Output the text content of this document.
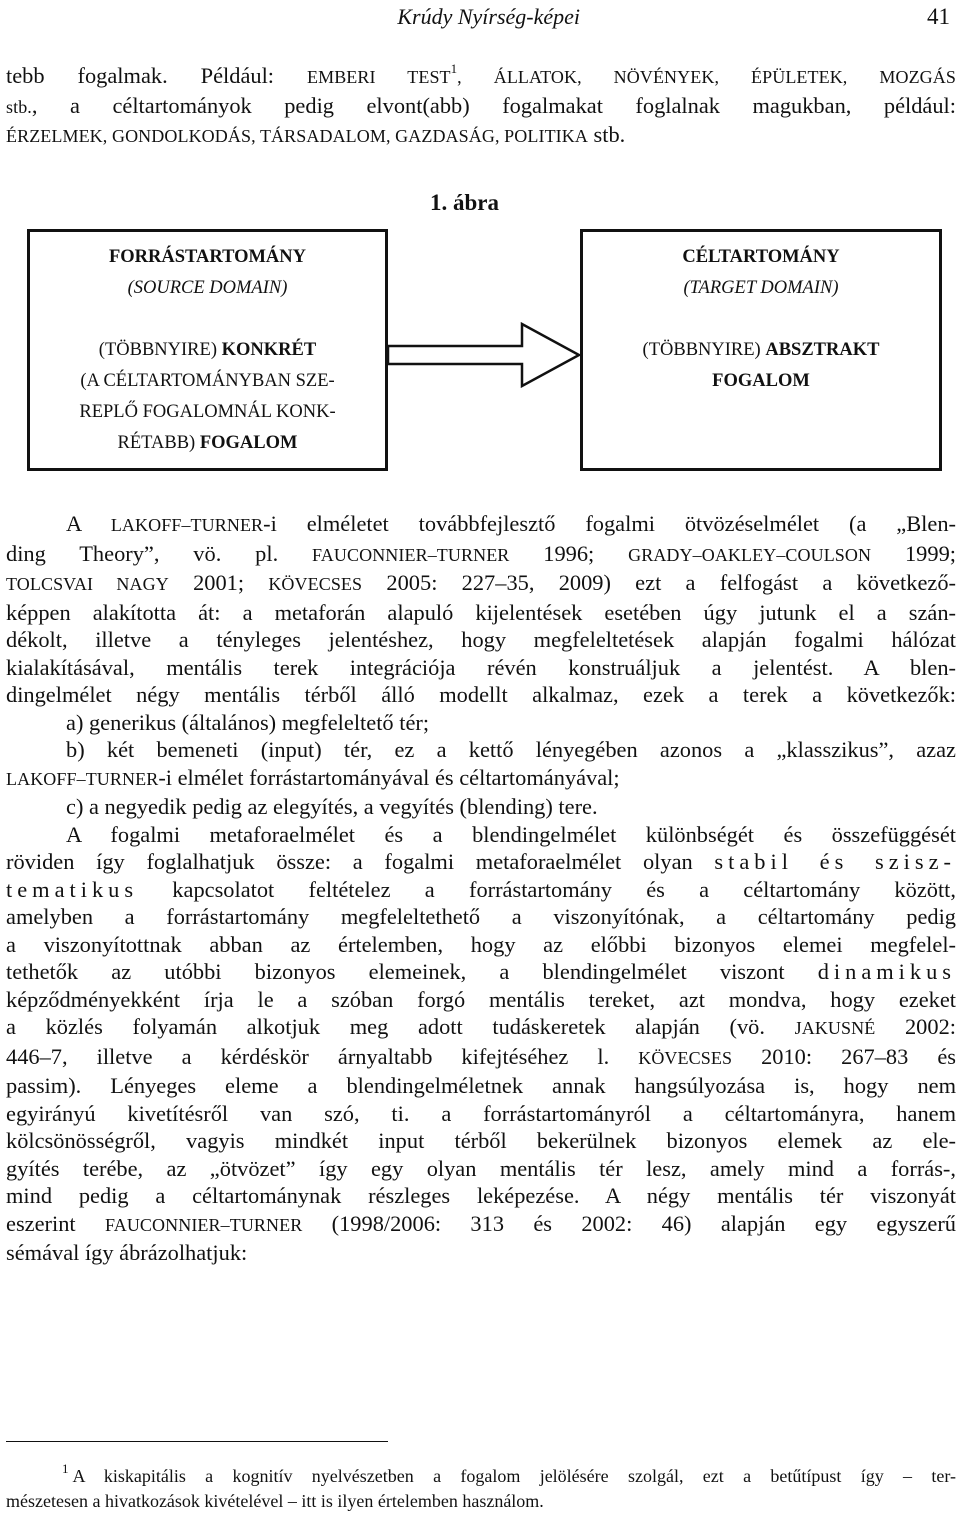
Krúdy Nyírség-képei	41

tebb fogalmak. Például: EMBERI TEST$^1$, ÁLLATOK, NÖVÉNYEK, ÉPÜLETEK, MOZGÁS
stb., a céltartományok pedig elvont(abb) fogalmakat foglalnak magukban, például:
ÉRZELMEK, GONDOLKODÁS, TÁRSADALOM, GAZDASÁG, POLITIKA stb.

1. ábra
FORRÁSTARTOMÁNY
(SOURCE DOMAIN)
(TÖBBNYIRE) KONKRÉT
(A CÉLTARTOMÁNYBAN SZE-
REPLŐ FOGALOMNÁL KONK-
RÉTABB) FOGALOM
CÉLTARTOMÁNY
(TARGET DOMAIN)
(TÖBBNYIRE) ABSZTRAKT
FOGALOM

A LAKOFF–TURNER-i elméletet továbbfejlesztő fogalmi ötvözéselmélet (a „Blen-
ding Theory”, vö. pl. FAUCONNIER–TURNER 1996; GRADY–OAKLEY–COULSON 1999;
TOLCSVAI NAGY 2001; KÖVECSES 2005: 227–35, 2009) ezt a felfogást a következő-
képpen alakította át: a metaforán alapuló kijelentések esetében úgy jutunk el a szán-
dékolt, illetve a tényleges jelentéshez, hogy megfeleltetések alapján fogalmi hálózat
kialakításával, mentális terek integrációja révén konstruáljuk a jelentést. A blen-
dingelmélet négy mentális térből álló modellt alkalmaz, ezek a terek a következők:
a) generikus (általános) megfeleltető tér;
b) két bemeneti (input) tér, ez a kettő lényegében azonos a „klasszikus”, azaz
LAKOFF–TURNER-i elmélet forrástartományával és céltartományával;
c) a negyedik pedig az elegyítés, a vegyítés (blending) tere.
A fogalmi metaforaelmélet és a blendingelmélet különbségét és összefüggését
röviden így foglalhatjuk össze: a fogalmi metaforaelmélet olyan stabil és szisz-
tematikus kapcsolatot feltételez a forrástartomány és a céltartomány között,
amelyben a forrástartomány megfeleltethető a viszonyítónak, a céltartomány pedig
a viszonyítottnak abban az értelemben, hogy az előbbi bizonyos elemei megfelel-
tethetők az utóbbi bizonyos elemeinek, a blendingelmélet viszont dinamikus
képződményekként írja le a szóban forgó mentális tereket, azt mondva, hogy ezeket
a közlés folyamán alkotjuk meg adott tudáskeretek alapján (vö. JAKUSNÉ 2002:
446–7, illetve a kérdéskör árnyaltabb kifejtéséhez l. KÖVECSES 2010: 267–83 és
passim). Lényeges eleme a blendingelméletnek annak hangsúlyozása is, hogy nem
egyirányú kivetítésről van szó, ti. a forrástartományról a céltartományra, hanem
kölcsönösségről, vagyis mindkét input térből bekerülnek bizonyos elemek az ele-
gyítés terébe, az „ötvözet” így egy olyan mentális tér lesz, amely mind a forrás-,
mind pedig a céltartománynak részleges leképezése. A négy mentális tér viszonyát
eszerint FAUCONNIER–TURNER (1998/2006: 313 és 2002: 46) alapján egy egyszerű
sémával így ábrázolhatjuk:

$^1$ A kiskapitális a kognitív nyelvészetben a fogalom jelölésére szolgál, ezt a betűtípust így – ter-
mészetesen a hivatkozások kivételével – itt is ilyen értelemben használom.
